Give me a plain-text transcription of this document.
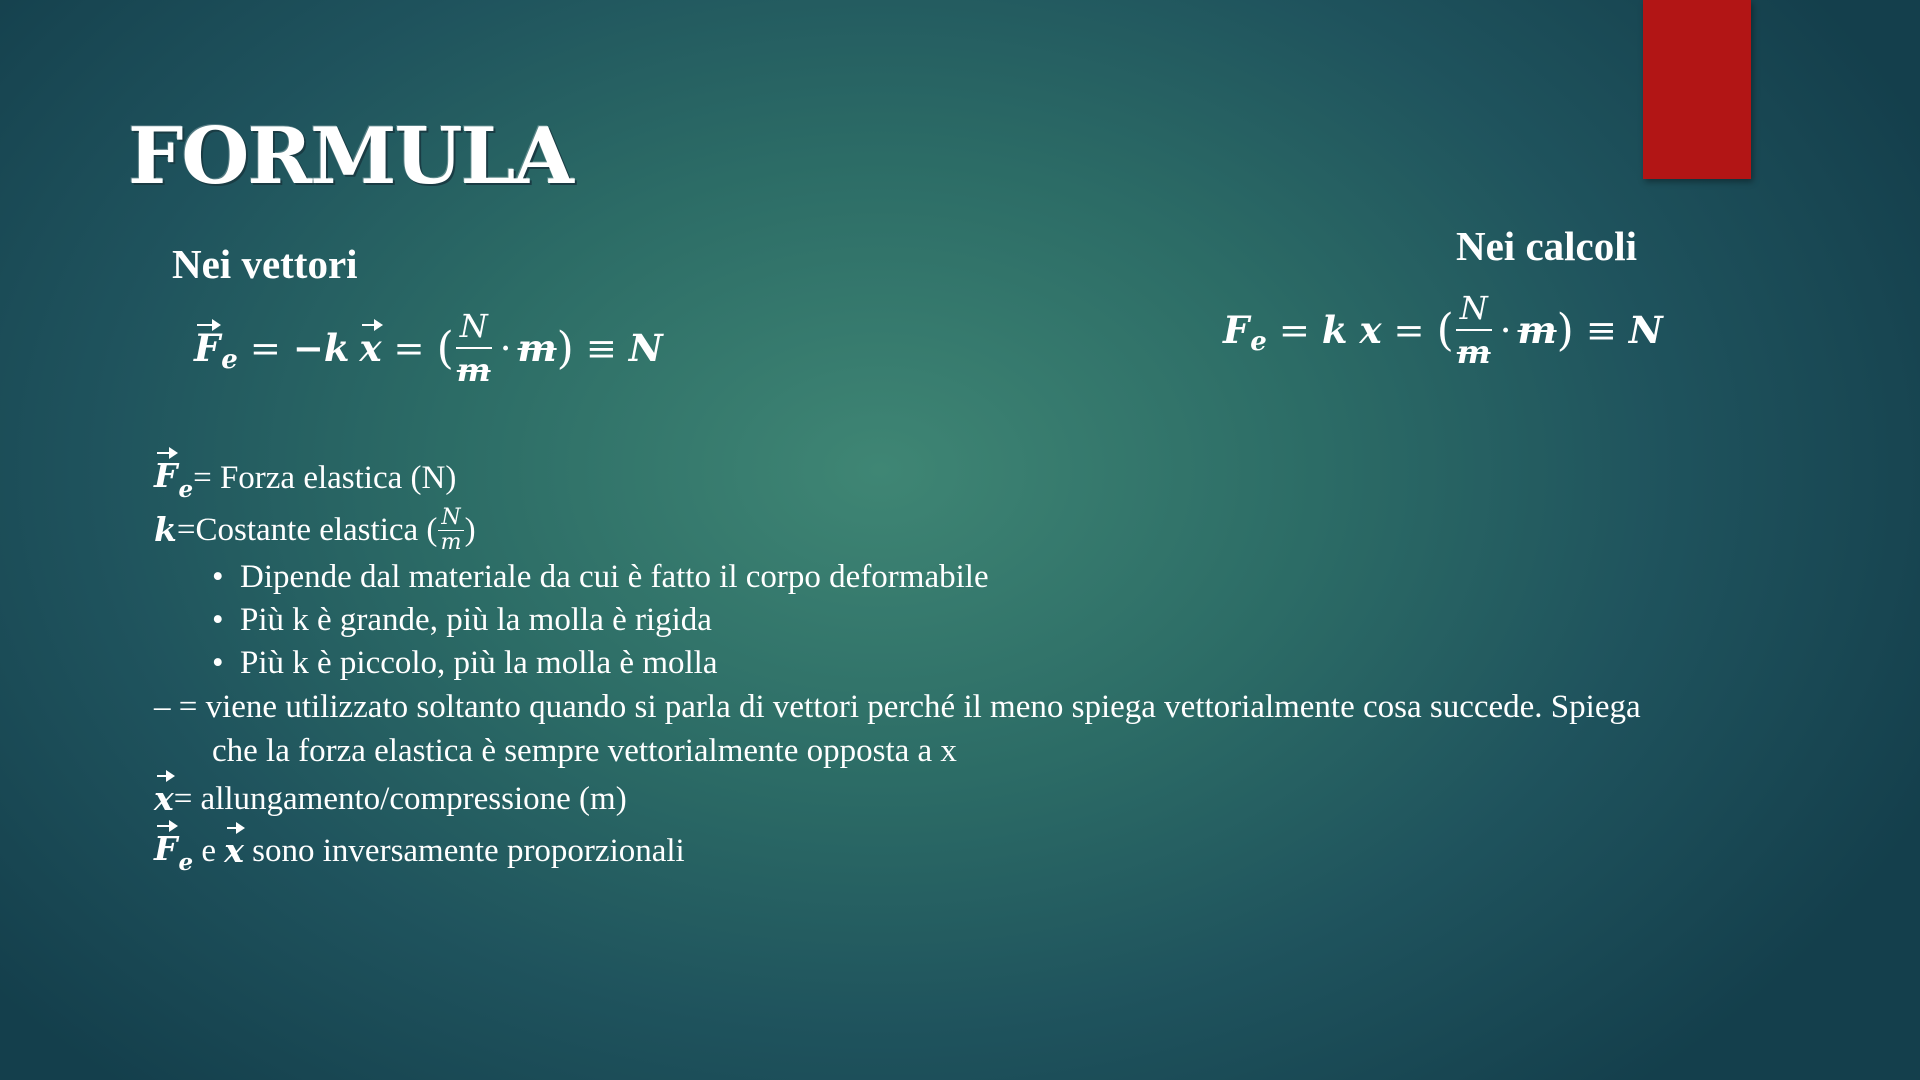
FORMULA
Nei vettori
F e = −k x = ( $\frac{N}{m} \cdot m$ ) ≡ N
Nei calcoli
F e = k x = ( $\frac{N}{m} \cdot m$ ) ≡ N
$F_e$ = Forza elastica (N)
k =Costante elastica ( $\frac{N}{m}$ )
• Dipende dal materiale da cui è fatto il corpo deformabile
• Più k è grande, più la molla è rigida
• Più k è piccolo, più la molla è molla
– = viene utilizzato soltanto quando si parla di vettori perché il meno spiega vettorialmente cosa succede. Spiega
che la forza elastica è sempre vettorialmente opposta a x
x = allungamento/compressione (m)
$F_e$ e x sono inversamente proporzionali
